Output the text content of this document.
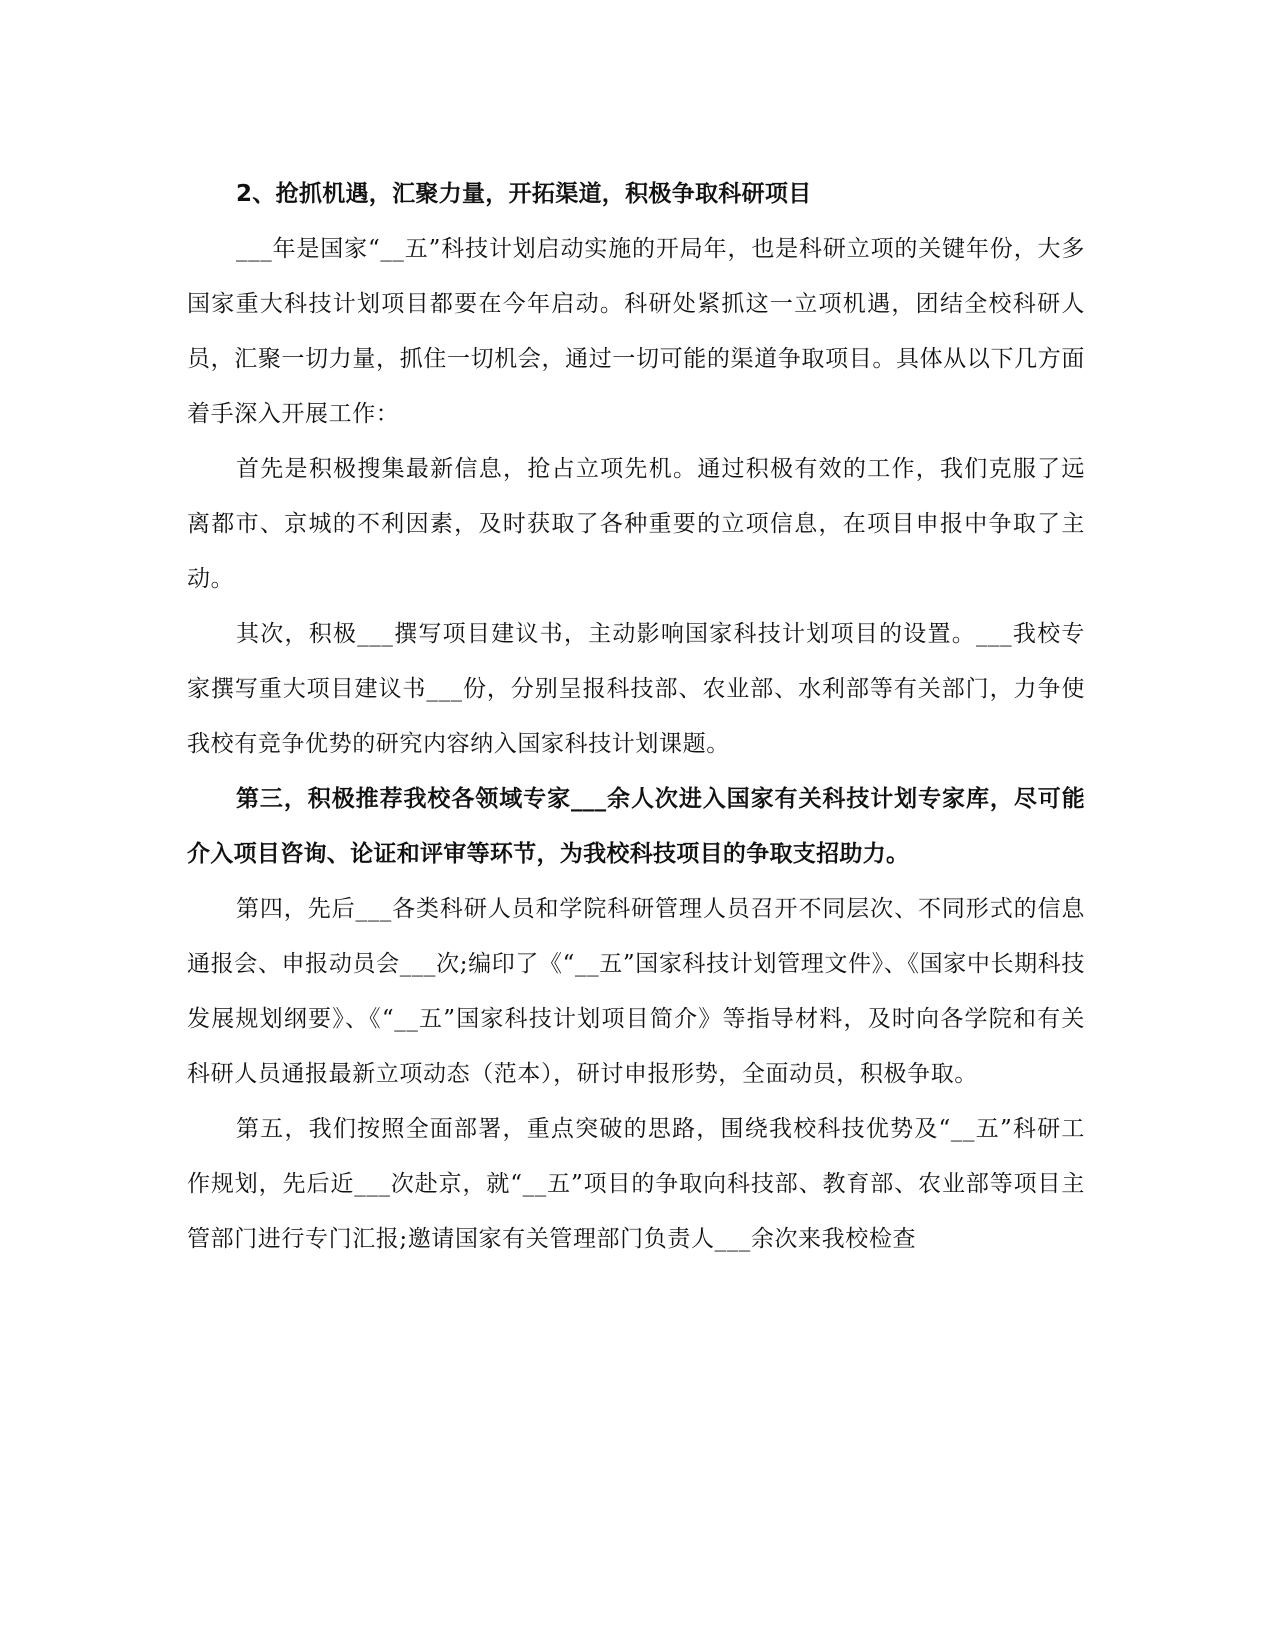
2、抢抓机遇，汇聚力量，开拓渠道，积极争取科研项目

___年是国家“__五”科技计划启动实施的开局年，也是科研立项的关键年份，大多国家重大科技计划项目都要在今年启动。科研处紧抓这一立项机遇，团结全校科研人员，汇聚一切力量，抓住一切机会，通过一切可能的渠道争取项目。具体从以下几方面着手深入开展工作：

首先是积极搜集最新信息，抢占立项先机。通过积极有效的工作，我们克服了远离都市、京城的不利因素，及时获取了各种重要的立项信息，在项目申报中争取了主动。

其次，积极___撰写项目建议书，主动影响国家科技计划项目的设置。___我校专家撰写重大项目建议书___份，分别呈报科技部、农业部、水利部等有关部门，力争使我校有竞争优势的研究内容纳入国家科技计划课题。

第三，积极推荐我校各领域专家___余人次进入国家有关科技计划专家库，尽可能介入项目咨询、论证和评审等环节，为我校科技项目的争取支招助力。

第四，先后___各类科研人员和学院科研管理人员召开不同层次、不同形式的信息通报会、申报动员会___次;编印了《“__五”国家科技计划管理文件》、《国家中长期科技发展规划纲要》、《“__五”国家科技计划项目简介》等指导材料，及时向各学院和有关科研人员通报最新立项动态（范本），研讨申报形势，全面动员，积极争取。

第五，我们按照全面部署，重点突破的思路，围绕我校科技优势及“__五”科研工作规划，先后近___次赴京，就“__五”项目的争取向科技部、教育部、农业部等项目主管部门进行专门汇报;邀请国家有关管理部门负责人___余次来我校检查
